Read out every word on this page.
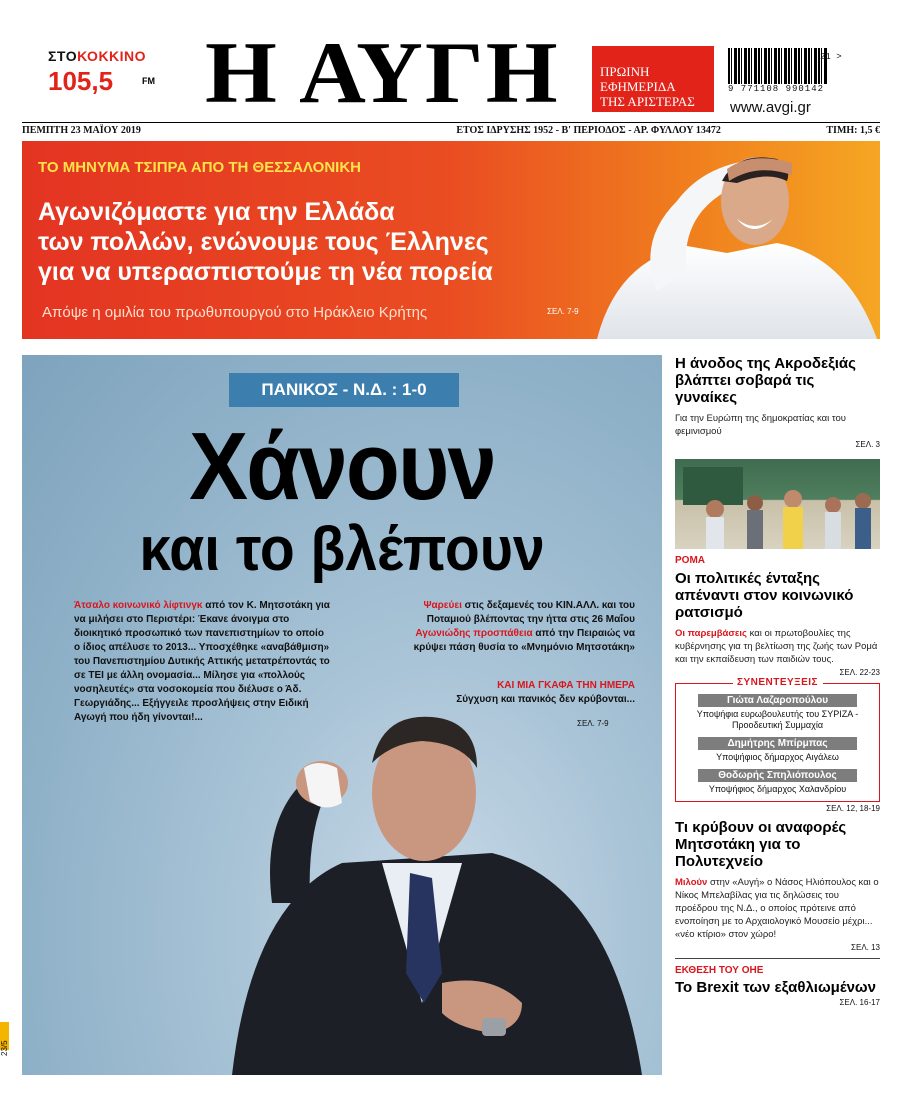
ΣΤΟΚΟΚΚΙΝΟ
105,5	FM Η ΑΥΓΗ	ΠΡΩΙΝΗ
ΕΦΗΜΕΡΙΔΑ
ΤΗΣ ΑΡΙΣΤΕΡΑΣ
9 771108 990142
21 >
www.avgi.gr
ΠΕΜΠΤΗ 23 ΜΑΪΟΥ 2019	ΕΤΟΣ ΙΔΡΥΣΗΣ 1952 - Β' ΠΕΡΙΟΔΟΣ - ΑΡ. ΦΥΛΛΟΥ 13472	ΤΙΜΗ: 1,5 €
ΤΟ ΜΗΝΥΜΑ ΤΣΙΠΡΑ ΑΠΟ ΤΗ ΘΕΣΣΑΛΟΝΙΚΗ
Αγωνιζόμαστε για την Ελλάδα
των πολλών, ενώνουμε τους Έλληνες
για να υπερασπιστούμε τη νέα πορεία
Απόψε η ομιλία του πρωθυπουργού στο Ηράκλειο Κρήτης	ΣΕΛ. 7-9
ΠΑΝΙΚΟΣ - Ν.Δ. : 1-0
Χάνουν
και το βλέπουν
Άτσαλο κοινωνικό λίφτινγκ από τον Κ. Μητσοτάκη για να μιλήσει στο Περιστέρι: Έκανε άνοιγμα στο διοικητικό προσωπικό των πανεπιστημίων το οποίο ο ίδιος απέλυσε το 2013... Υποσχέθηκε «αναβάθμιση» του Πανεπιστημίου Δυτικής Αττικής μετατρέποντάς το σε ΤΕΙ με άλλη ονομασία... Μίλησε για «πολλούς νοσηλευτές» στα νοσοκομεία που διέλυσε ο Άδ. Γεωργιάδης... Εξήγγειλε προσλήψεις στην Ειδική Αγωγή που ήδη γίνονται!...
Ψαρεύει στις δεξαμενές του ΚΙΝ.ΑΛΛ. και του Ποταμιού βλέποντας την ήττα στις 26 Μαΐου
Αγωνιώδης προσπάθεια από την Πειραιώς να κρύψει πάση θυσία το «Μνημόνιο Μητσοτάκη»
ΚΑΙ ΜΙΑ ΓΚΑΦΑ ΤΗΝ ΗΜΕΡΑ
Σύγχυση και πανικός δεν κρύβονται...
ΣΕΛ. 7-9
Η άνοδος της Ακροδεξιάς βλάπτει σοβαρά τις γυναίκες
Για την Ευρώπη της δημοκρατίας και του φεμινισμού
ΣΕΛ. 3
ΡΟΜΑ
Οι πολιτικές ένταξης απέναντι στον κοινωνικό ρατσισμό
Οι παρεμβάσεις και οι πρωτοβουλίες της κυβέρνησης για τη βελτίωση της ζωής των Ρομά και την εκπαίδευση των παιδιών τους.
ΣΕΛ. 22-23
ΣΥΝΕΝΤΕΥΞΕΙΣ
Γιώτα Λαζαροπούλου
Υποψήφια ευρωβουλευτής του ΣΥΡΙΖΑ - Προοδευτική Συμμαχία
Δημήτρης Μπίρμπας
Υποψήφιος δήμαρχος Αιγάλεω
Θοδωρής Σπηλιόπουλος
Υποψήφιος δήμαρχος Χαλανδρίου
ΣΕΛ. 12, 18-19
Τι κρύβουν οι αναφορές Μητσοτάκη για το Πολυτεχνείο
Μιλούν στην «Αυγή» ο Νάσος Ηλιόπουλος και ο Νίκος Μπελαβίλας για τις δηλώσεις του προέδρου της Ν.Δ., ο οποίος πρότεινε από ενοποίηση με το Αρχαιολογικό Μουσείο μέχρι... «νέο κτίριο» στον χώρο!
ΣΕΛ. 13
ΕΚΘΕΣΗ ΤΟΥ ΟΗΕ
Το Brexit των εξαθλιωμένων
ΣΕΛ. 16-17
23/5
